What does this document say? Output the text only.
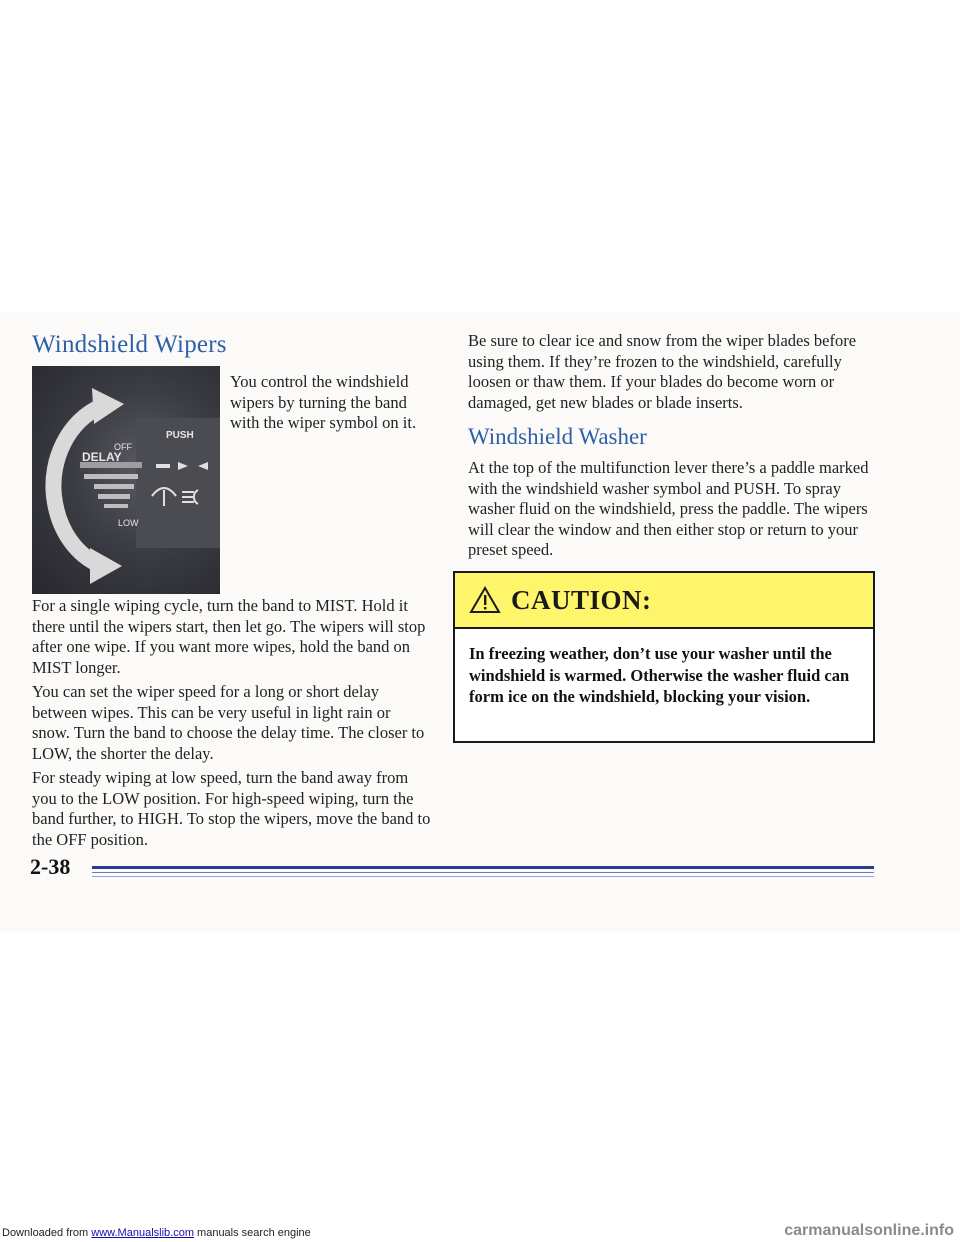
Windshield Wipers
OFF
DELAY
LOW
PUSH

You control the windshield wipers by turning the band with the wiper symbol on it.

For a single wiping cycle, turn the band to MIST. Hold it there until the wipers start, then let go. The wipers will stop after one wipe. If you want more wipes, hold the band on MIST longer.

You can set the wiper speed for a long or short delay between wipes. This can be very useful in light rain or snow. Turn the band to choose the delay time. The closer to LOW, the shorter the delay.

For steady wiping at low speed, turn the band away from you to the LOW position. For high-speed wiping, turn the band further, to HIGH. To stop the wipers, move the band to the OFF position.

Be sure to clear ice and snow from the wiper blades before using them. If they’re frozen to the windshield, carefully loosen or thaw them. If your blades do become worn or damaged, get new blades or blade inserts.

Windshield Washer

At the top of the multifunction lever there’s a paddle marked with the windshield washer symbol and PUSH. To spray washer fluid on the windshield, press the paddle. The wipers will clear the window and then either stop or return to your preset speed.

CAUTION:

In freezing weather, don’t use your washer until the windshield is warmed. Otherwise the washer fluid can form ice on the windshield, blocking your vision.

2-38

Downloaded from www.Manualslib.com manuals search engine	carmanualsonline.info
